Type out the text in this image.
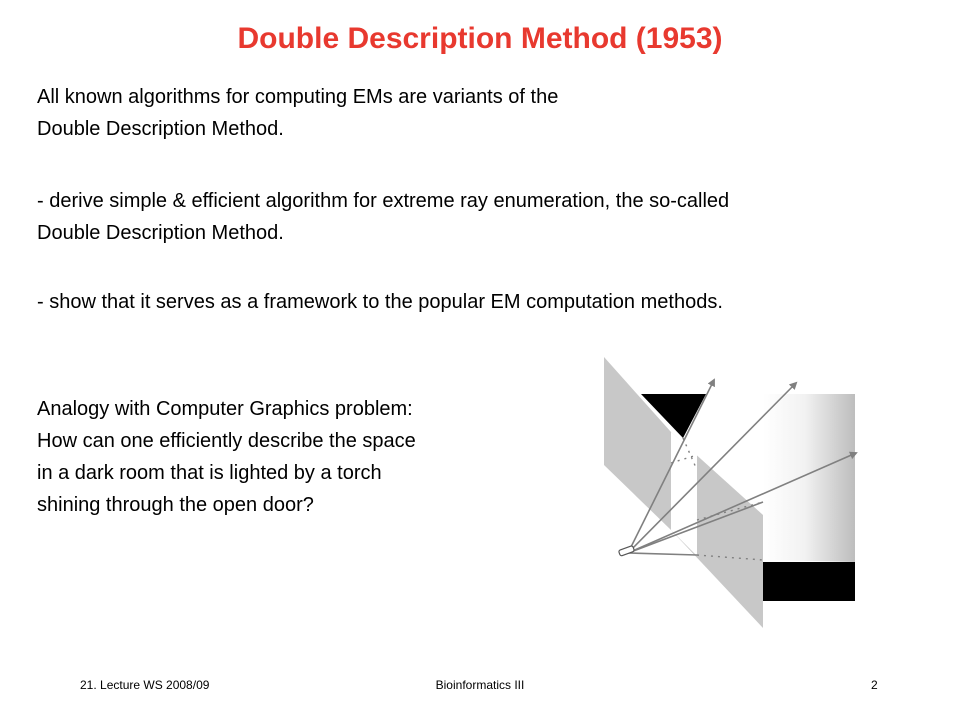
Double Description Method (1953)
All known algorithms for computing EMs are variants of the
Double Description Method.
- derive simple & efficient algorithm for extreme ray enumeration, the so-called
Double Description Method.
- show that it serves as a framework to the popular EM computation methods.
Analogy with Computer Graphics problem:
How can one efficiently describe the space
in a dark room that is lighted by a torch
shining through the open door?
21. Lecture WS 2008/09	Bioinformatics III	2
